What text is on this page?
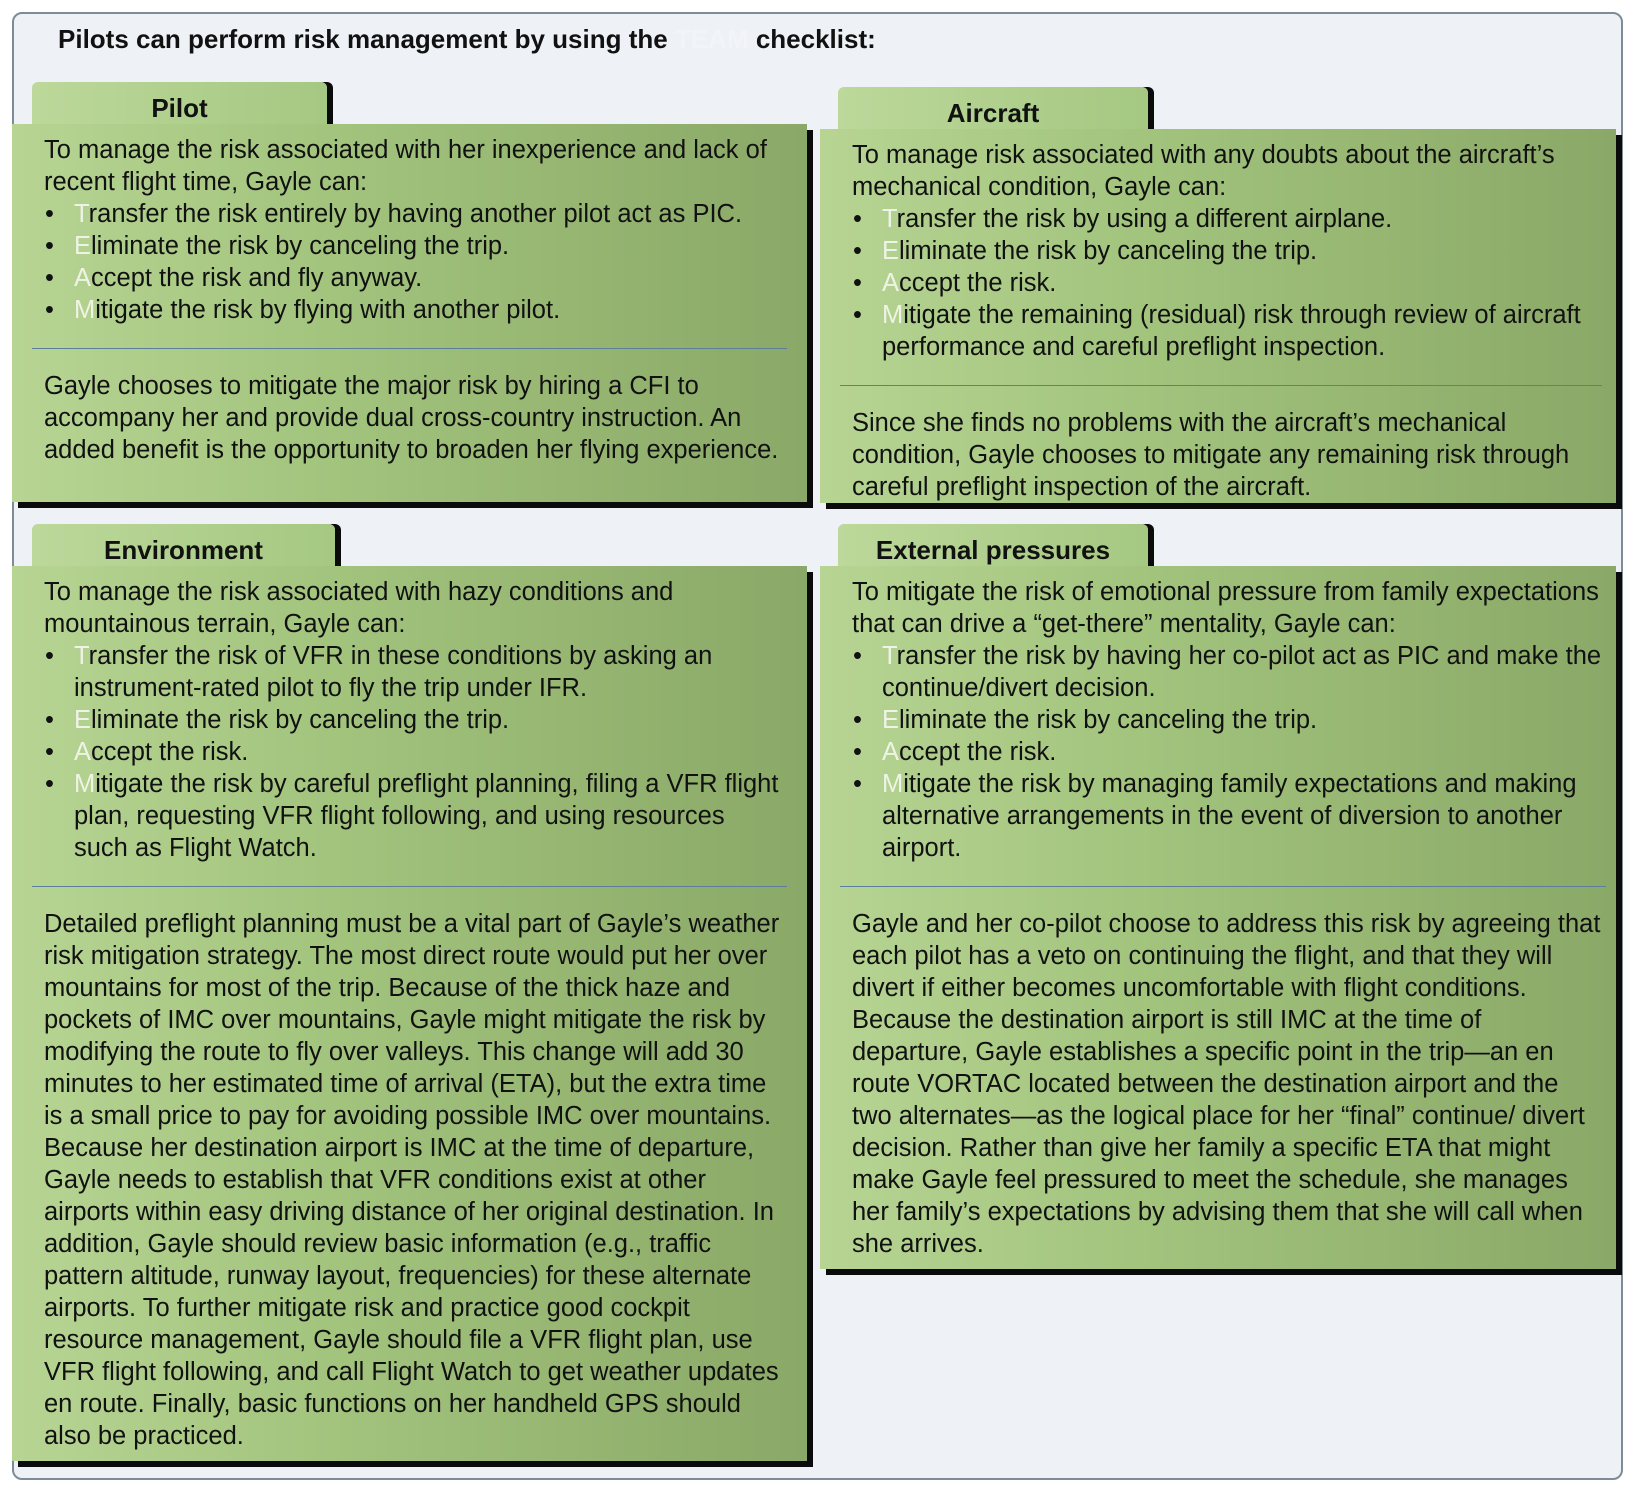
Pilots can perform risk management by using the TEAM checklist:
Pilot

To manage the risk associated with her inexperience and lack of recent flight time, Gayle can:

• Transfer the risk entirely by having another pilot act as PIC.
• Eliminate the risk by canceling the trip.
• Accept the risk and fly anyway.
• Mitigate the risk by flying with another pilot.

Gayle chooses to mitigate the major risk by hiring a CFI to accompany her and provide dual cross-country instruction. An added benefit is the opportunity to broaden her flying experience.

Aircraft

To manage risk associated with any doubts about the aircraft’s mechanical condition, Gayle can:

• Transfer the risk by using a different airplane.
• Eliminate the risk by canceling the trip.
• Accept the risk.
• Mitigate the remaining (residual) risk through review of aircraft performance and careful preflight inspection.

Since she finds no problems with the aircraft’s mechanical condition, Gayle chooses to mitigate any remaining risk through careful preflight inspection of the aircraft.

Environment

To manage the risk associated with hazy conditions and mountainous terrain, Gayle can:

• Transfer the risk of VFR in these conditions by asking an instrument-rated pilot to fly the trip under IFR.
• Eliminate the risk by canceling the trip.
• Accept the risk.
• Mitigate the risk by careful preflight planning, filing a VFR flight plan, requesting VFR flight following, and using resources such as Flight Watch.

Detailed preflight planning must be a vital part of Gayle’s weather risk mitigation strategy. The most direct route would put her over mountains for most of the trip. Because of the thick haze and pockets of IMC over mountains, Gayle might mitigate the risk by modifying the route to fly over valleys. This change will add 30 minutes to her estimated time of arrival (ETA), but the extra time is a small price to pay for avoiding possible IMC over mountains. Because her destination airport is IMC at the time of departure, Gayle needs to establish that VFR conditions exist at other airports within easy driving distance of her original destination. In addition, Gayle should review basic information (e.g., traffic pattern altitude, runway layout, frequencies) for these alternate airports. To further mitigate risk and practice good cockpit resource management, Gayle should file a VFR flight plan, use VFR flight following, and call Flight Watch to get weather updates en route. Finally, basic functions on her handheld GPS should also be practiced.

External pressures

To mitigate the risk of emotional pressure from family expectations that can drive a “get-there” mentality, Gayle can:

• Transfer the risk by having her co-pilot act as PIC and make the continue/divert decision.
• Eliminate the risk by canceling the trip.
• Accept the risk.
• Mitigate the risk by managing family expectations and making alternative arrangements in the event of diversion to another airport.

Gayle and her co-pilot choose to address this risk by agreeing that each pilot has a veto on continuing the flight, and that they will divert if either becomes uncomfortable with flight conditions. Because the destination airport is still IMC at the time of departure, Gayle establishes a specific point in the trip—an en route VORTAC located between the destination airport and the two alternates—as the logical place for her “final” continue/ divert decision. Rather than give her family a specific ETA that might make Gayle feel pressured to meet the schedule, she manages her family’s expectations by advising them that she will call when she arrives.
